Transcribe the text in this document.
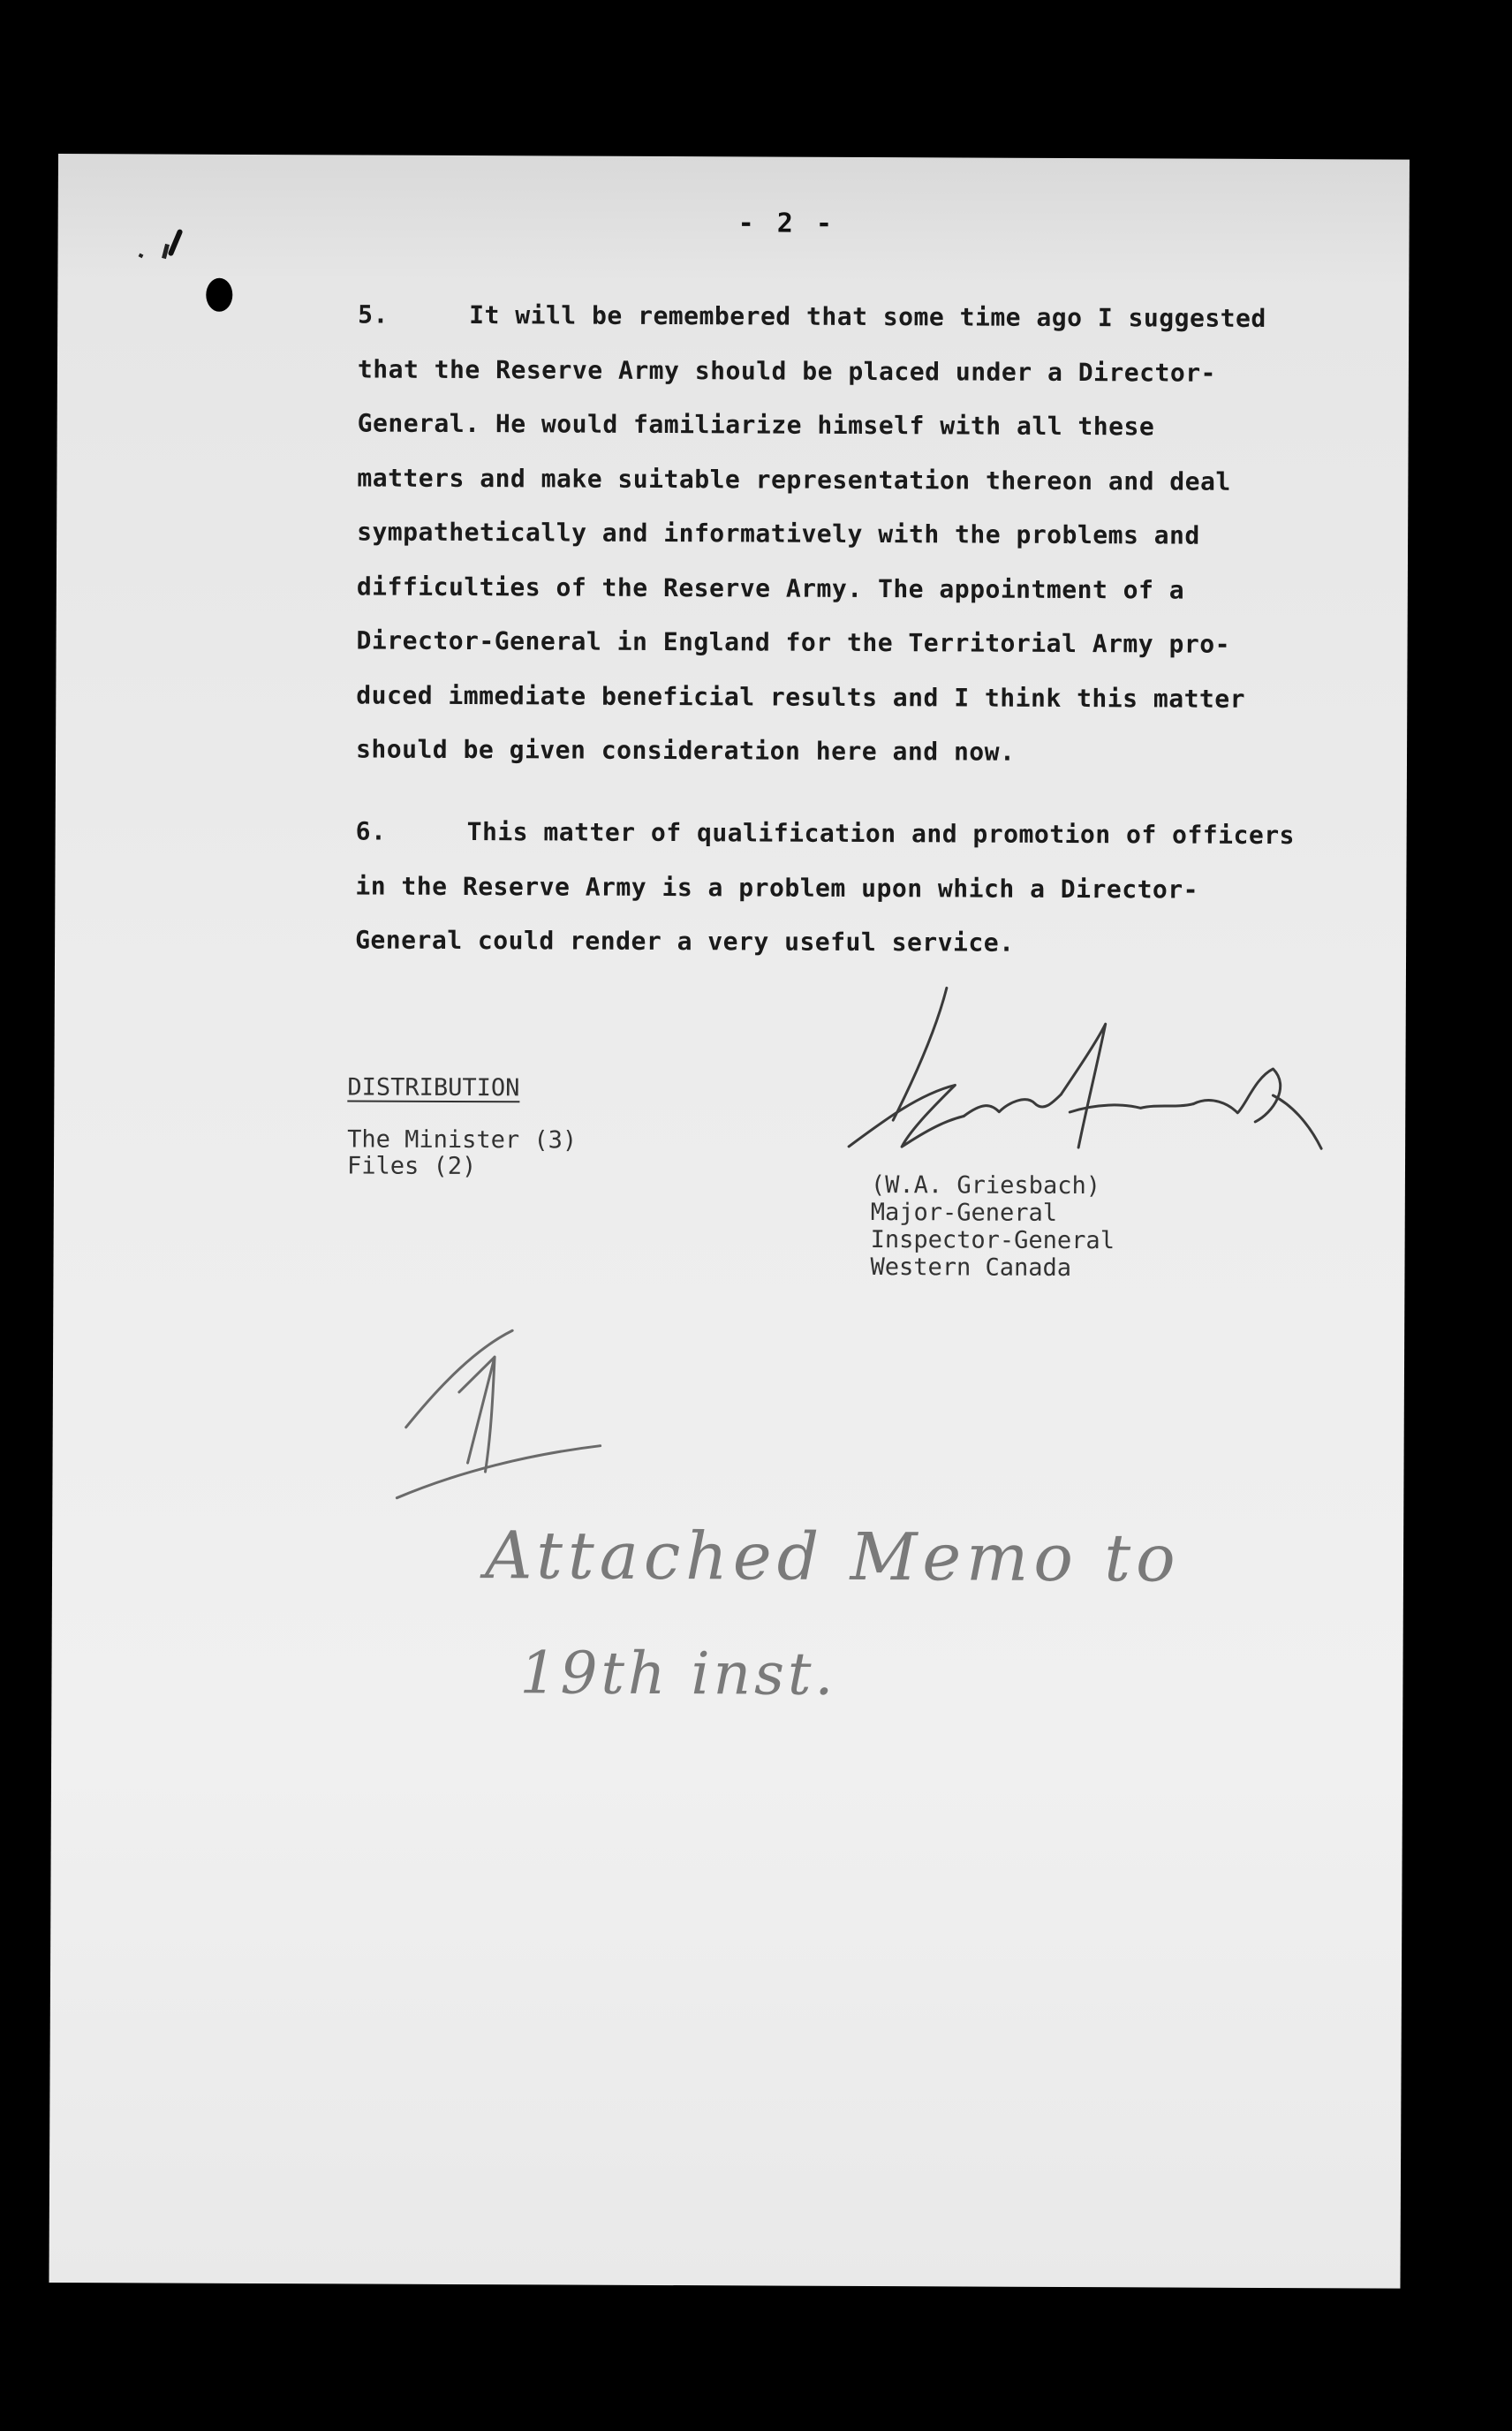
- 2 -
5.	It will be remembered that some time ago I suggested
that the Reserve Army should be placed under a Director-
General. He would familiarize himself with all these
matters and make suitable representation thereon and deal
sympathetically and informatively with the problems and
difficulties of the Reserve Army. The appointment of a
Director-General in England for the Territorial Army pro-
duced immediate beneficial results and I think this matter
should be given consideration here and now.
6.	This matter of qualification and promotion of officers
in the Reserve Army is a problem upon which a Director-
General could render a very useful service.
DISTRIBUTION
The Minister (3)
Files (2)
(W.A. Griesbach)
Major-General
Inspector-General
Western Canada
Attached Memo to
19th inst.
